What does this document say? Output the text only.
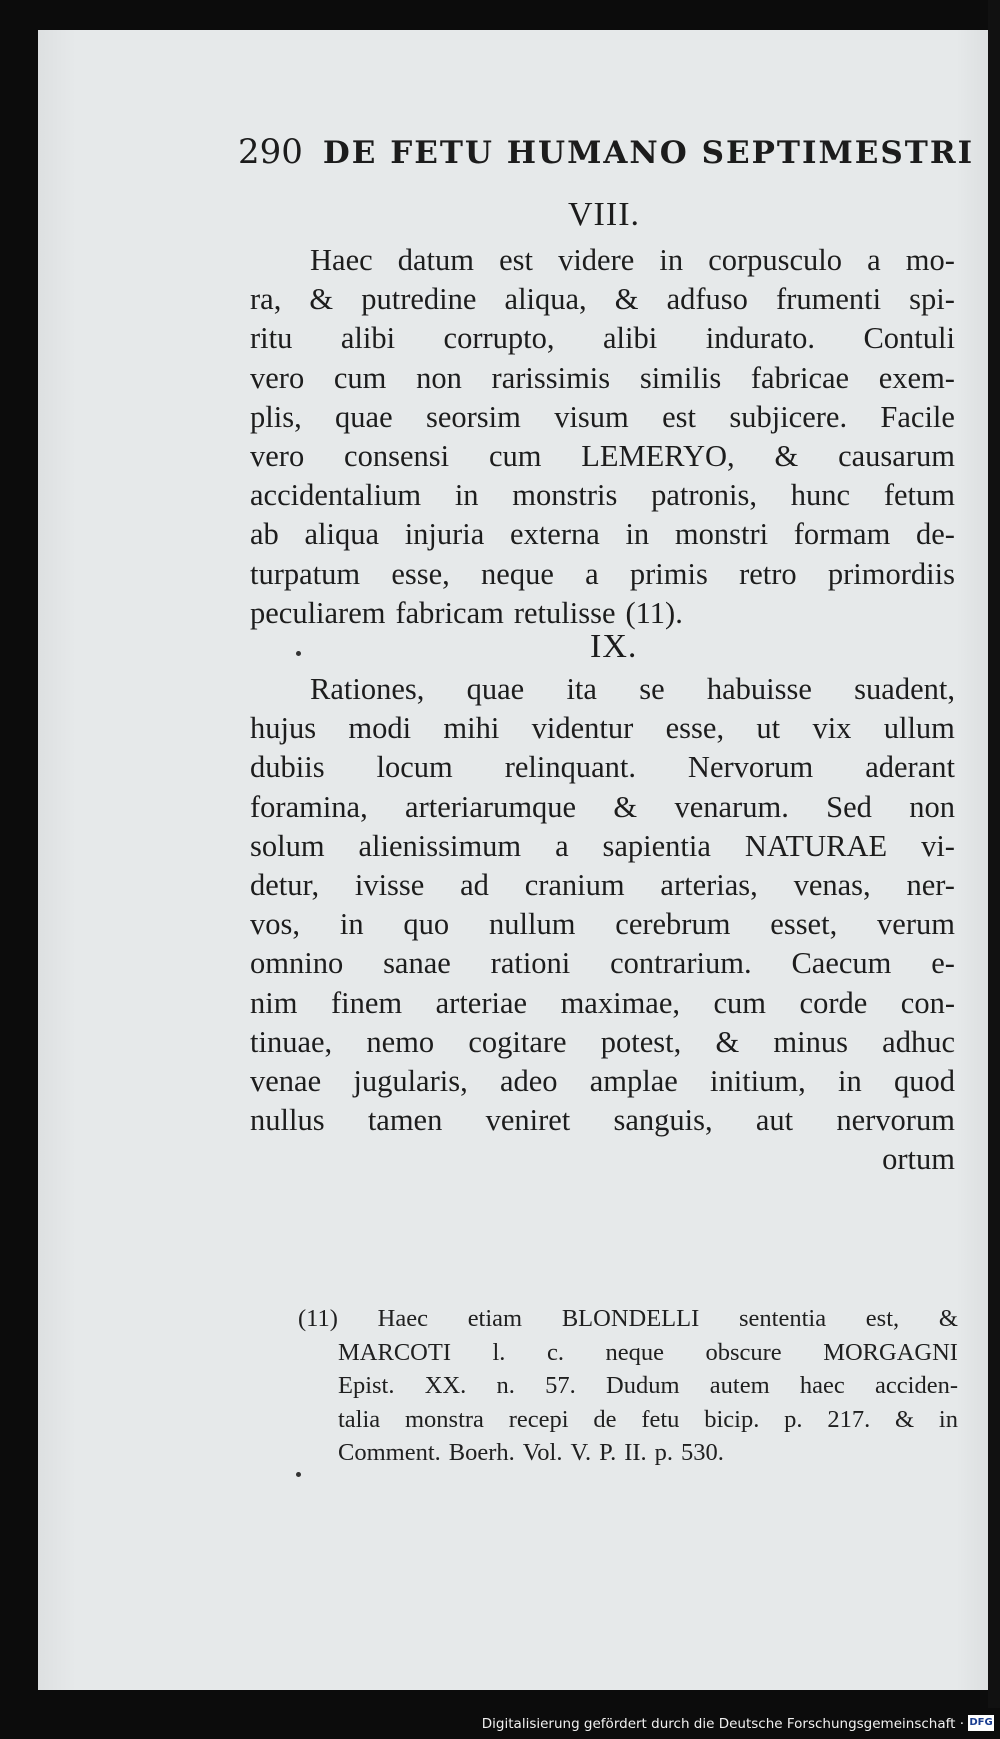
290 DE FETU HUMANO SEPTIMESTRI
VIII.
Haec datum est videre in corpusculo a mo-
ra, & putredine aliqua, & adfuso frumenti spi-
ritu alibi corrupto, alibi indurato. Contuli
vero cum non rarissimis similis fabricae exem-
plis, quae seorsim visum est subjicere. Facile
vero consensi cum LEMERYO, & causarum
accidentalium in monstris patronis, hunc fetum
ab aliqua injuria externa in monstri formam de-
turpatum esse, neque a primis retro primordiis
peculiarem fabricam retulisse (11).
IX.
Rationes, quae ita se habuisse suadent,
hujus modi mihi videntur esse, ut vix ullum
dubiis locum relinquant. Nervorum aderant
foramina, arteriarumque & venarum. Sed non
solum alienissimum a sapientia NATURAE vi-
detur, ivisse ad cranium arterias, venas, ner-
vos, in quo nullum cerebrum esset, verum
omnino sanae rationi contrarium. Caecum e-
nim finem arteriae maximae, cum corde con-
tinuae, nemo cogitare potest, & minus adhuc
venae jugularis, adeo amplae initium, in quod
nullus tamen veniret sanguis, aut nervorum
ortum
(11) Haec etiam BLONDELLI sententia est, &
MARCOTI l. c. neque obscure MORGAGNI
Epist. XX. n. 57. Dudum autem haec acciden-
talia monstra recepi de fetu bicip. p. 217. & in
Comment. Boerh. Vol. V. P. II. p. 530.
Digitalisierung gefördert durch die Deutsche Forschungsgemeinschaft · DFG
